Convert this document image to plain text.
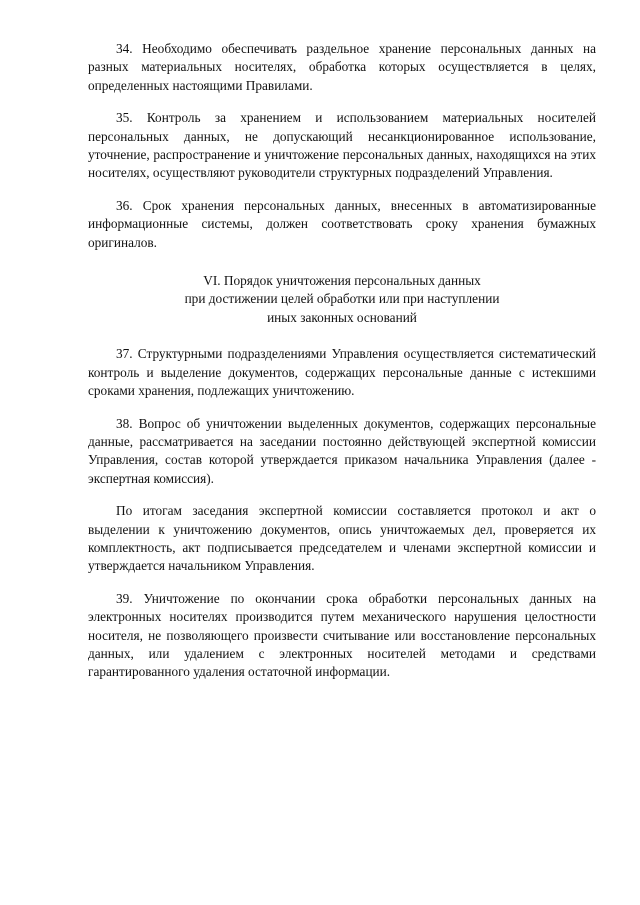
34. Необходимо обеспечивать раздельное хранение персональных данных на разных материальных носителях, обработка которых осуществляется в целях, определенных настоящими Правилами.

35. Контроль за хранением и использованием материальных носителей персональных данных, не допускающий несанкционированное использование, уточнение, распространение и уничтожение персональных данных, находящихся на этих носителях, осуществляют руководители структурных подразделений Управления.

36. Срок хранения персональных данных, внесенных в автоматизированные информационные системы, должен соответствовать сроку хранения бумажных оригиналов.

VI. Порядок уничтожения персональных данных
при достижении целей обработки или при наступлении
иных законных оснований

37. Структурными подразделениями Управления осуществляется систематический контроль и выделение документов, содержащих персональные данные с истекшими сроками хранения, подлежащих уничтожению.

38. Вопрос об уничтожении выделенных документов, содержащих персональные данные, рассматривается на заседании постоянно действующей экспертной комиссии Управления, состав которой утверждается приказом начальника Управления (далее - экспертная комиссия).

По итогам заседания экспертной комиссии составляется протокол и акт о выделении к уничтожению документов, опись уничтожаемых дел, проверяется их комплектность, акт подписывается председателем и членами экспертной комиссии и утверждается начальником Управления.

39. Уничтожение по окончании срока обработки персональных данных на электронных носителях производится путем механического нарушения целостности носителя, не позволяющего произвести считывание или восстановление персональных данных, или удалением с электронных носителей методами и средствами гарантированного удаления остаточной информации.
